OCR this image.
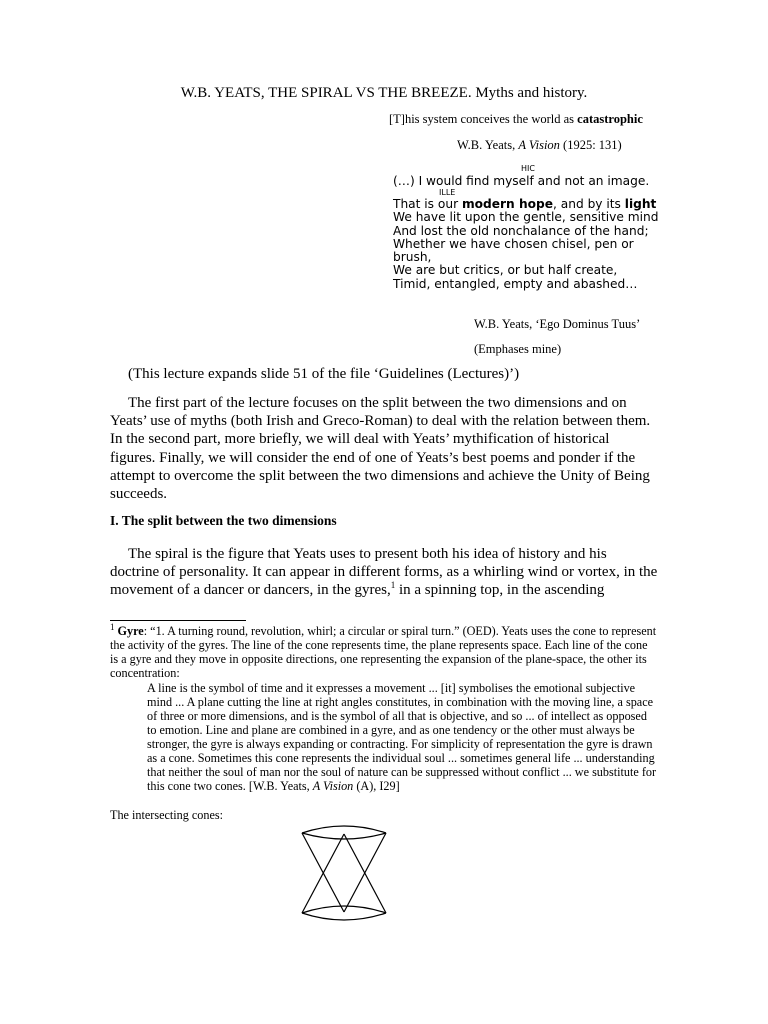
W.B. YEATS, THE SPIRAL VS THE BREEZE. Myths and history.
[T]his system conceives the world as catastrophic
W.B. Yeats, A Vision (1925: 131)
HIC
(…) I would find myself and not an image.
ILLE
That is our modern hope, and by its light
We have lit upon the gentle, sensitive mind
And lost the old nonchalance of the hand;
Whether we have chosen chisel, pen or brush,
We are but critics, or but half create,
Timid, entangled, empty and abashed…
W.B. Yeats, ‘Ego Dominus Tuus’
(Emphases mine)
(This lecture expands slide 51 of the file ‘Guidelines (Lectures)’)
The first part of the lecture focuses on the split between the two dimensions and on Yeats’ use of myths (both Irish and Greco-Roman) to deal with the relation between them. In the second part, more briefly, we will deal with Yeats’ mythification of historical figures. Finally, we will consider the end of one of Yeats’s best poems and ponder if the attempt to overcome the split between the two dimensions and achieve the Unity of Being succeeds.
I. The split between the two dimensions
The spiral is the figure that Yeats uses to present both his idea of history and his doctrine of personality. It can appear in different forms, as a whirling wind or vortex, in the movement of a dancer or dancers, in the gyres,$^1$ in a spinning top, in the ascending
$^1$ Gyre: “1. A turning round, revolution, whirl; a circular or spiral turn.” (OED). Yeats uses the cone to represent the activity of the gyres. The line of the cone represents time, the plane represents space. Each line of the cone is a gyre and they move in opposite directions, one representing the expansion of the plane-space, the other its concentration:
A line is the symbol of time and it expresses a movement ... [it] symbolises the emotional subjective mind ... A plane cutting the line at right angles constitutes, in combination with the moving line, a space of three or more dimensions, and is the symbol of all that is objective, and so ... of intellect as opposed to emotion. Line and plane are combined in a gyre, and as one tendency or the other must always be stronger, the gyre is always expanding or contracting. For simplicity of representation the gyre is drawn as a cone. Sometimes this cone represents the individual soul ... sometimes general life ... understanding that neither the soul of man nor the soul of nature can be suppressed without conflict ... we substitute for this cone two cones. [W.B. Yeats, A Vision (A), I29]
The intersecting cones:
